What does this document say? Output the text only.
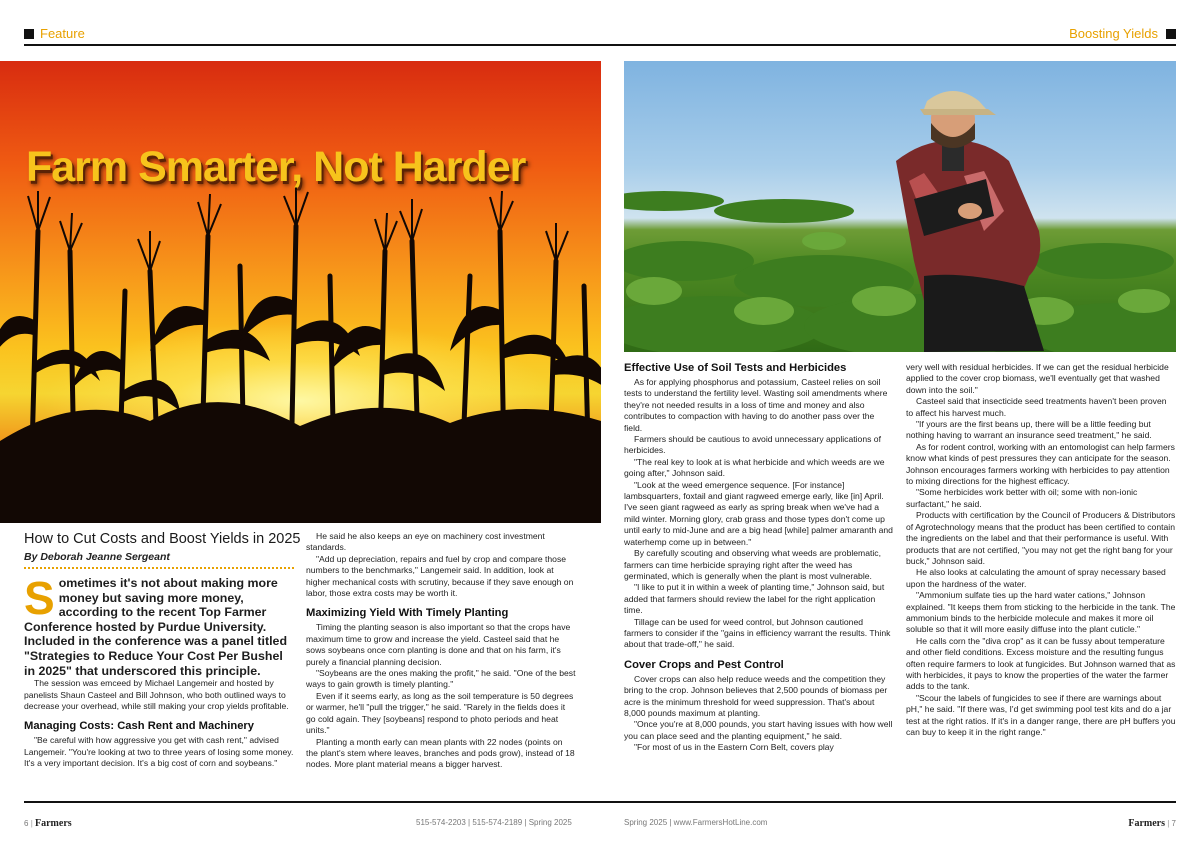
Feature	Boosting Yields
Farm Smarter, Not Harder
How to Cut Costs and Boost Yields in 2025
By Deborah Jeanne Sergeant
Sometimes it's not about making more money but saving more money, according to the recent Top Farmer Conference hosted by Purdue University. Included in the conference was a panel titled "Strategies to Reduce Your Cost Per Bushel in 2025" that underscored this principle.

The session was emceed by Michael Langemeir and hosted by panelists Shaun Casteel and Bill Johnson, who both outlined ways to decrease your overhead, while still making your crop yields profitable.

Managing Costs: Cash Rent and Machinery

"Be careful with how aggressive you get with cash rent," advised Langemeir. "You're looking at two to three years of losing some money. It's a very important decision. It's a big cost of corn and soybeans."

He said he also keeps an eye on machinery cost investment standards.

"Add up depreciation, repairs and fuel by crop and compare those numbers to the benchmarks," Langemeir said. In addition, look at higher mechanical costs with scrutiny, because if they save enough on labor, those extra costs may be worth it.

Maximizing Yield With Timely Planting

Timing the planting season is also important so that the crops have maximum time to grow and increase the yield. Casteel said that he sows soybeans once corn planting is done and that on his farm, it's purely a financial planning decision.

"Soybeans are the ones making the profit," he said. "One of the best ways to gain growth is timely planting."

Even if it seems early, as long as the soil temperature is 50 degrees or warmer, he'll "pull the trigger," he said. "Rarely in the fields does it go cold again. They [soybeans] respond to photo periods and heat units."

Planting a month early can mean plants with 22 nodes (points on the plant's stem where leaves, branches and pods grow), instead of 18 nodes. More plant material means a bigger harvest.

Effective Use of Soil Tests and Herbicides

As for applying phosphorus and potassium, Casteel relies on soil tests to understand the fertility level. Wasting soil amendments where they're not needed results in a loss of time and money and also contributes to compaction with having to do another pass over the field.

Farmers should be cautious to avoid unnecessary applications of herbicides.

"The real key to look at is what herbicide and which weeds are we going after," Johnson said.

"Look at the weed emergence sequence. [For instance] lambsquarters, foxtail and giant ragweed emerge early, like [in] April. I've seen giant ragweed as early as spring break when we've had a mild winter. Morning glory, crab grass and those types don't come up until early to mid-June and are a big head [while] palmer amaranth and waterhemp come up in between."

By carefully scouting and observing what weeds are problematic, farmers can time herbicide spraying right after the weed has germinated, which is generally when the plant is most vulnerable.

"I like to put it in within a week of planting time," Johnson said, but added that farmers should review the label for the right application time.

Tillage can be used for weed control, but Johnson cautioned farmers to consider if the "gains in efficiency warrant the results. Think about that trade-off," he said.

Cover Crops and Pest Control

Cover crops can also help reduce weeds and the competition they bring to the crop. Johnson believes that 2,500 pounds of biomass per acre is the minimum threshold for weed suppression. That's about 8,000 pounds maximum at planting.

"Once you're at 8,000 pounds, you start having issues with how well you can place seed and the planting equipment," he said.

"For most of us in the Eastern Corn Belt, covers play

very well with residual herbicides. If we can get the residual herbicide applied to the cover crop biomass, we'll eventually get that washed down into the soil."

Casteel said that insecticide seed treatments haven't been proven to affect his harvest much.

"If yours are the first beans up, there will be a little feeding but nothing having to warrant an insurance seed treatment," he said.

As for rodent control, working with an entomologist can help farmers know what kinds of pest pressures they can anticipate for the season. Johnson encourages farmers working with herbicides to pay attention to mixing directions for the highest efficacy.

"Some herbicides work better with oil; some with non-ionic surfactant," he said.

Products with certification by the Council of Producers & Distributors of Agrotechnology means that the product has been certified to contain the ingredients on the label and that their performance is useful. With products that are not certified, "you may not get the right bang for your buck," Johnson said.

He also looks at calculating the amount of spray necessary based upon the hardness of the water.

"Ammonium sulfate ties up the hard water cations," Johnson explained. "It keeps them from sticking to the herbicide in the tank. The ammonium binds to the herbicide molecule and makes it more oil soluble so that it will more easily diffuse into the plant cuticle."

He calls corn the "diva crop" as it can be fussy about temperature and other field conditions. Excess moisture and the resulting fungus often require farmers to look at fungicides. But Johnson warned that as with herbicides, it pays to know the properties of the water the farmer adds to the tank.

"Scour the labels of fungicides to see if there are warnings about pH," he said. "If there was, I'd get swimming pool test kits and do a jar test at the right ratios. If it's in a danger range, there are pH buffers you can buy to keep it in the right range."

6 | Farmers	515-574-2203 | 515-574-2189 | Spring 2025	Spring 2025 | www.FarmersHotLine.com	Farmers | 7
